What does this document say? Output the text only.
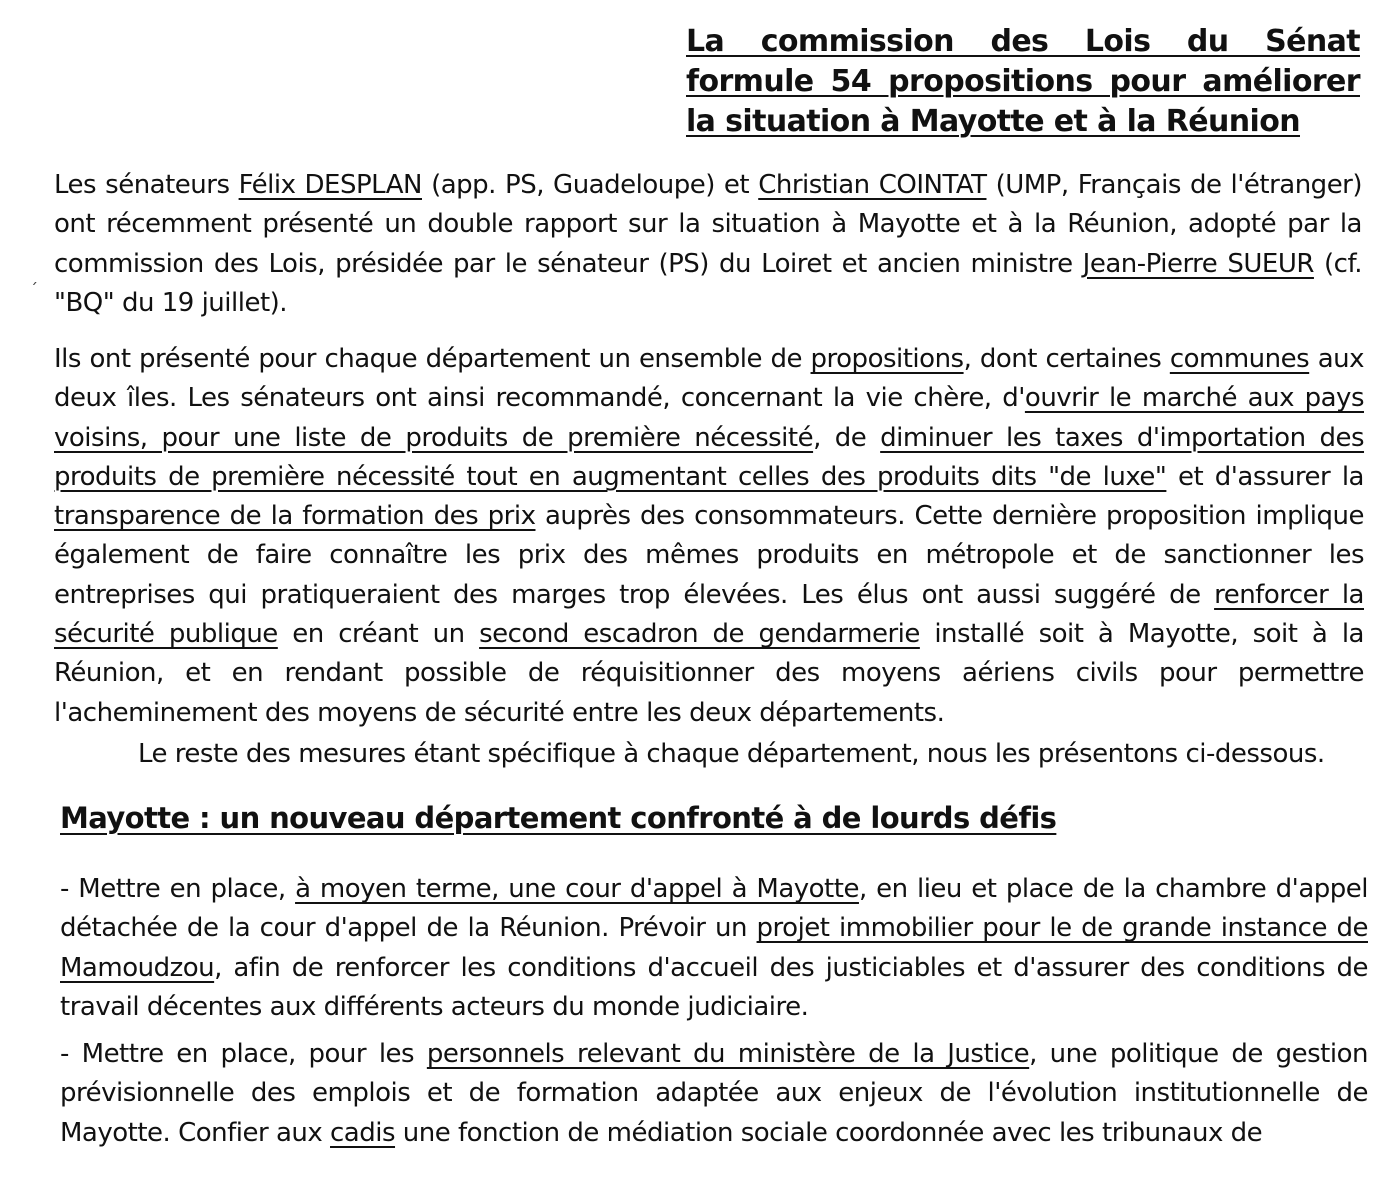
´
La commission des Lois du Sénat formule 54 propositions pour améliorer la situation à Mayotte et à la Réunion

Les sénateurs Félix DESPLAN (app. PS, Guadeloupe) et Christian COINTAT (UMP, Français de l'étranger) ont récemment présenté un double rapport sur la situation à Mayotte et à la Réunion, adopté par la commission des Lois, présidée par le sénateur (PS) du Loiret et ancien ministre Jean-Pierre SUEUR (cf. "BQ" du 19 juillet).

Ils ont présenté pour chaque département un ensemble de propositions, dont certaines communes aux deux îles. Les sénateurs ont ainsi recommandé, concernant la vie chère, d'ouvrir le marché aux pays voisins, pour une liste de produits de première nécessité, de diminuer les taxes d'importation des produits de première nécessité tout en augmentant celles des produits dits "de luxe" et d'assurer la transparence de la formation des prix auprès des consommateurs. Cette dernière proposition implique également de faire connaître les prix des mêmes produits en métropole et de sanctionner les entreprises qui pratiqueraient des marges trop élevées. Les élus ont aussi suggéré de renforcer la sécurité publique en créant un second escadron de gendarmerie installé soit à Mayotte, soit à la Réunion, et en rendant possible de réquisitionner des moyens aériens civils pour permettre l'acheminement des moyens de sécurité entre les deux départements.

Le reste des mesures étant spécifique à chaque département, nous les présentons ci-dessous.

Mayotte : un nouveau département confronté à de lourds défis

- Mettre en place, à moyen terme, une cour d'appel à Mayotte, en lieu et place de la chambre d'appel détachée de la cour d'appel de la Réunion. Prévoir un projet immobilier pour le de grande instance de Mamoudzou, afin de renforcer les conditions d'accueil des justiciables et d'assurer des conditions de travail décentes aux différents acteurs du monde judiciaire.

- Mettre en place, pour les personnels relevant du ministère de la Justice, une politique de gestion prévisionnelle des emplois et de formation adaptée aux enjeux de l'évolution institutionnelle de Mayotte. Confier aux cadis une fonction de médiation sociale coordonnée avec les tribunaux de
